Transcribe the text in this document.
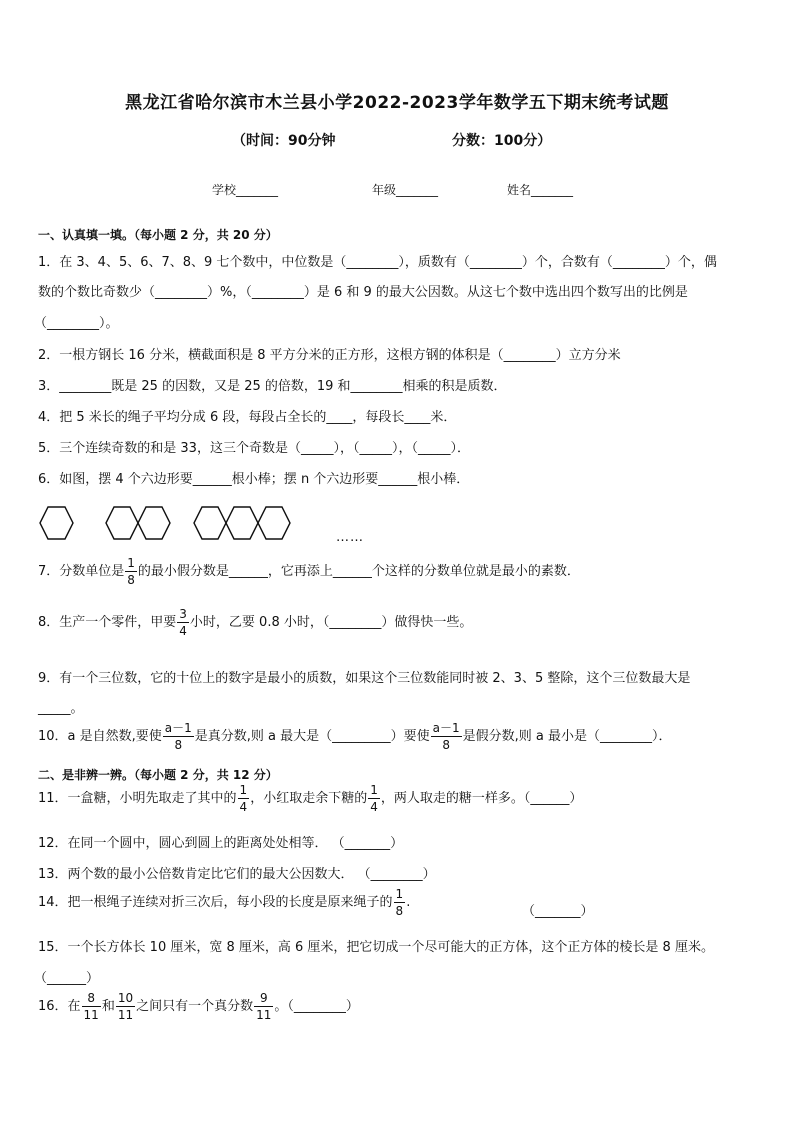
黑龙江省哈尔滨市木兰县小学2022-2023学年数学五下期末统考试题
（时间：90分钟	分数：100分）
学校_______	年级_______	姓名_______
一、认真填一填。（每小题 2 分，共 20 分）
1．在 3、4、5、6、7、8、9 七个数中，中位数是（________），质数有（________）个，合数有（________）个，偶
数的个数比奇数少（________）%，（________）是 6 和 9 的最大公因数。从这七个数中选出四个数写出的比例是
（________）。
2．一根方钢长 16 分米，横截面积是 8 平方分米的正方形，这根方钢的体积是（________）立方分米
3．________既是 25 的因数，又是 25 的倍数，19 和________相乘的积是质数．
4．把 5 米长的绳子平均分成 6 段，每段占全长的____，每段长____米．
5．三个连续奇数的和是 33，这三个奇数是（_____），（_____），（_____）．
6．如图，摆 4 个六边形要______根小棒；摆 n 个六边形要______根小棒．
……
7．分数单位是 $\frac{1}{8}$ 的最小假分数是______，它再添上______个这样的分数单位就是最小的素数．
8．生产一个零件，甲要 $\frac{3}{4}$ 小时，乙要 0.8 小时，（________）做得快一些。
9．有一个三位数，它的十位上的数字是最小的质数，如果这个三位数能同时被 2、3、5 整除，这个三位数最大是
_____。
10．a 是自然数,要使 $\frac{a-1}{8}$ 是真分数,则 a 最大是（_________）要使 $\frac{a-1}{8}$ 是假分数,则 a 最小是（________）．
二、是非辨一辨。（每小题 2 分，共 12 分）
11．一盒糖，小明先取走了其中的 $\frac{1}{4}$ ，小红取走余下糖的 $\frac{1}{4}$ ，两人取走的糖一样多。（______）
12．在同一个圆中，圆心到圆上的距离处处相等． （_______）
13．两个数的最小公倍数肯定比它们的最大公因数大． （________）
14．把一根绳子连续对折三次后，每小段的长度是原来绳子的 $\frac{1}{8}$ .
（_______）
15．一个长方体长 10 厘米，宽 8 厘米，高 6 厘米，把它切成一个尽可能大的正方体，这个正方体的棱长是 8 厘米。
（______）
16．在 $\frac{8}{11}$ 和 $\frac{10}{11}$ 之间只有一个真分数 $\frac{9}{11}$ 。（________）
